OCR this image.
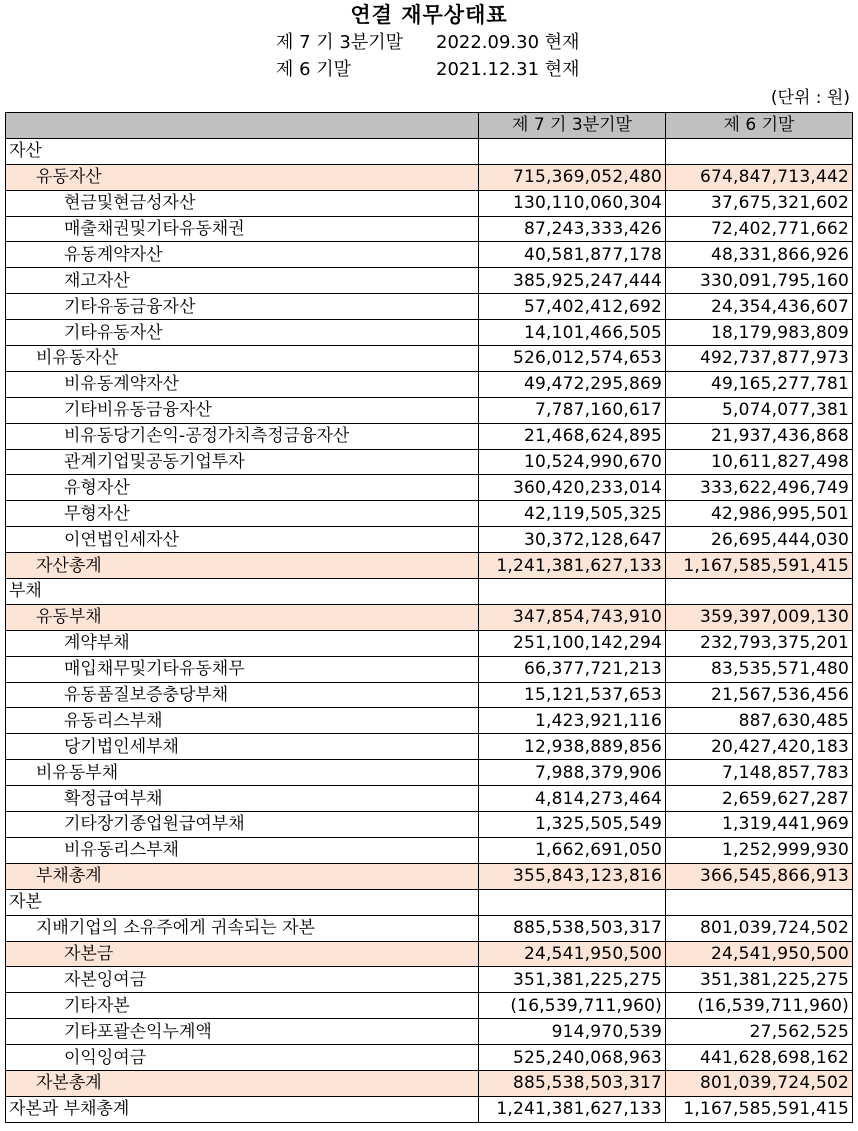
연결 재무상태표
제 7 기 3분기말 2022.09.30 현재
제 6 기말	2021.12.31 현재
(단위 : 원)
	제 7 기 3분기말	제 6 기말
자산		
유동자산	715,369,052,480	674,847,713,442
현금및현금성자산	130,110,060,304	37,675,321,602
매출채권및기타유동채권	87,243,333,426	72,402,771,662
유동계약자산	40,581,877,178	48,331,866,926
재고자산	385,925,247,444	330,091,795,160
기타유동금융자산	57,402,412,692	24,354,436,607
기타유동자산	14,101,466,505	18,179,983,809
비유동자산	526,012,574,653	492,737,877,973
비유동계약자산	49,472,295,869	49,165,277,781
기타비유동금융자산	7,787,160,617	5,074,077,381
비유동당기손익-공정가치측정금융자산	21,468,624,895	21,937,436,868
관계기업및공동기업투자	10,524,990,670	10,611,827,498
유형자산	360,420,233,014	333,622,496,749
무형자산	42,119,505,325	42,986,995,501
이연법인세자산	30,372,128,647	26,695,444,030
자산총계	1,241,381,627,133	1,167,585,591,415
부채		
유동부채	347,854,743,910	359,397,009,130
계약부채	251,100,142,294	232,793,375,201
매입채무및기타유동채무	66,377,721,213	83,535,571,480
유동품질보증충당부채	15,121,537,653	21,567,536,456
유동리스부채	1,423,921,116	887,630,485
당기법인세부채	12,938,889,856	20,427,420,183
비유동부채	7,988,379,906	7,148,857,783
확정급여부채	4,814,273,464	2,659,627,287
기타장기종업원급여부채	1,325,505,549	1,319,441,969
비유동리스부채	1,662,691,050	1,252,999,930
부채총계	355,843,123,816	366,545,866,913
자본		
지배기업의 소유주에게 귀속되는 자본	885,538,503,317	801,039,724,502
자본금	24,541,950,500	24,541,950,500
자본잉여금	351,381,225,275	351,381,225,275
기타자본	(16,539,711,960)	(16,539,711,960)
기타포괄손익누계액	914,970,539	27,562,525
이익잉여금	525,240,068,963	441,628,698,162
자본총계	885,538,503,317	801,039,724,502
자본과 부채총계	1,241,381,627,133	1,167,585,591,415
